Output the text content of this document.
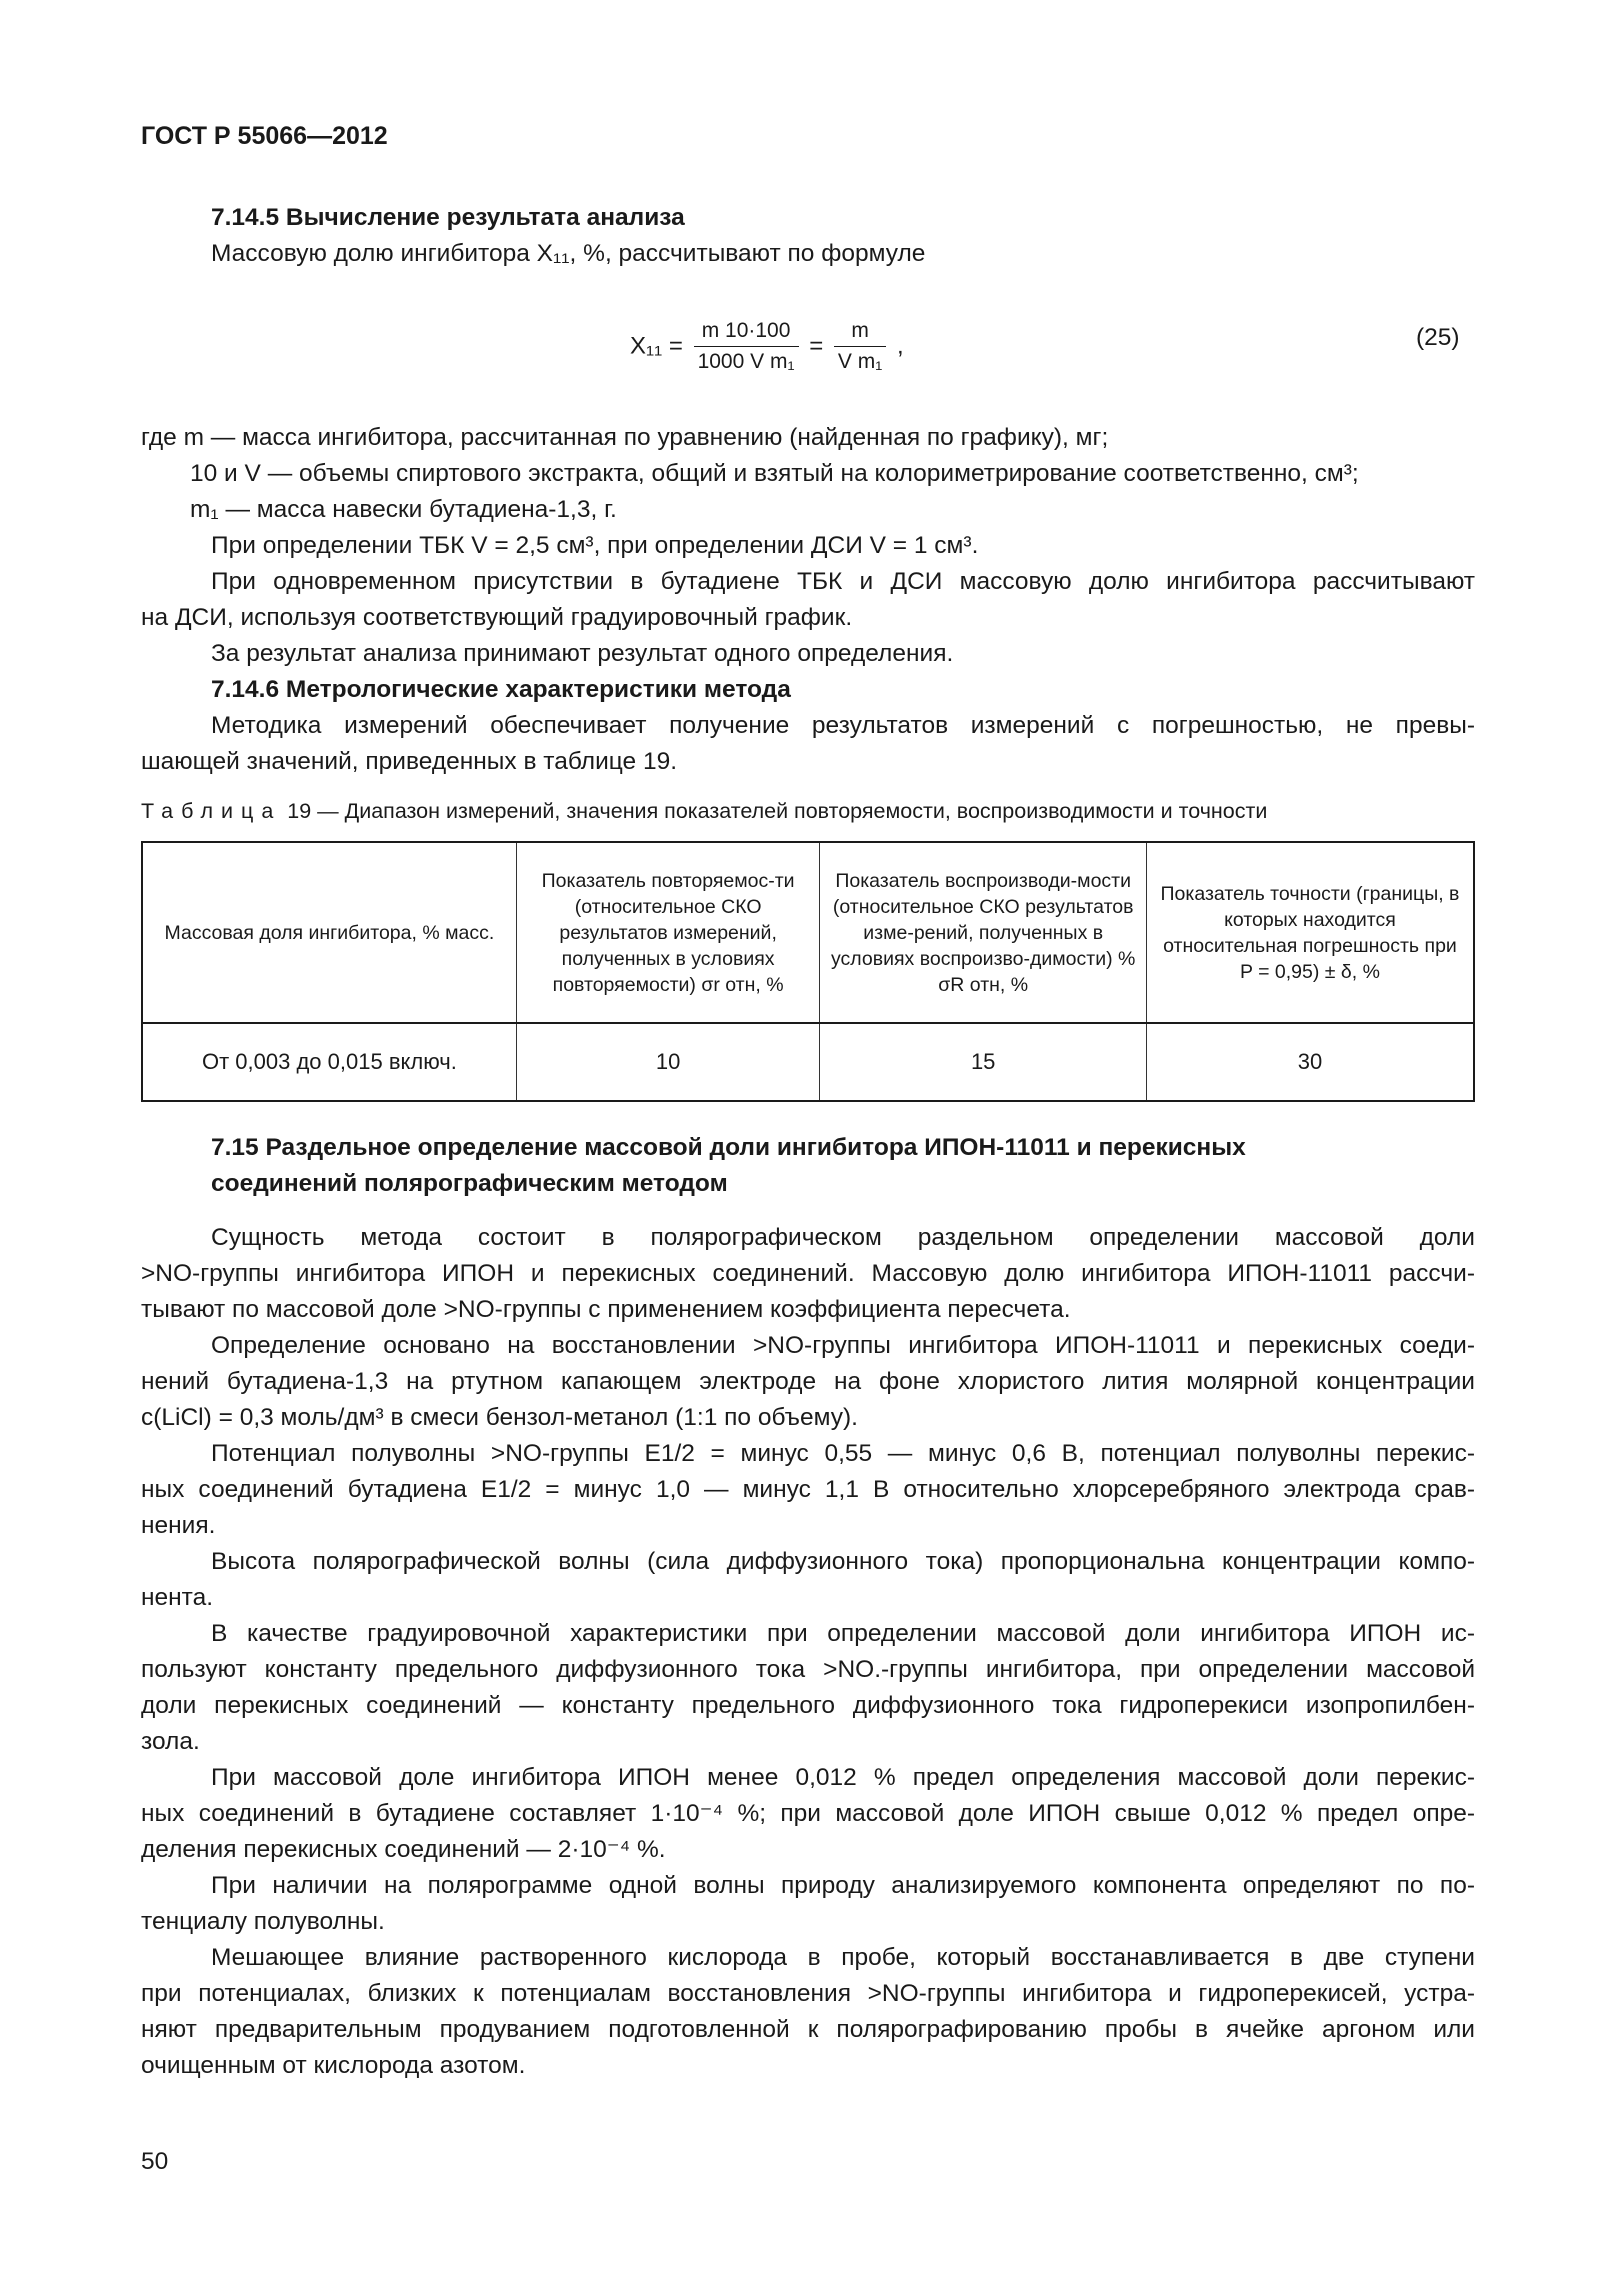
ГОСТ Р 55066—2012
7.14.5 Вычисление результата анализа
Массовую долю ингибитора X₁₁, %, рассчитывают по формуле
$X_{11} = \frac{m 10\cdot 100}{\text{1000 V m₁}} = \frac{m}{\text{V m₁}}$ ,	(25)
где m — масса ингибитора, рассчитанная по уравнению (найденная по графику), мг;
10 и V — объемы спиртового экстракта, общий и взятый на колориметрирование соответственно, см³;
m₁ — масса навески бутадиена-1,3, г.
При определении ТБК V = 2,5 см³, при определении ДСИ V = 1 см³.
При одновременном присутствии в бутадиене ТБК и ДСИ массовую долю ингибитора рассчитывают
на ДСИ, используя соответствующий градуировочный график.
За результат анализа принимают результат одного определения.
7.14.6 Метрологические характеристики метода
Методика измерений обеспечивает получение результатов измерений с погрешностью, не превы-
шающей значений, приведенных в таблице 19.
Таблица 19 — Диапазон измерений, значения показателей повторяемости, воспроизводимости и точности
Массовая доля ингибитора, % масс.	Показатель повторяемос-ти (относительное СКО результатов измерений, полученных в условиях повторяемости) σr отн, %	Показатель воспроизводи-мости (относительное СКО результатов изме-рений, полученных в условиях воспроизво-димости) % σR отн, %	Показатель точности (границы, в которых находится относительная погрешность при P = 0,95) ± δ, %
От 0,003 до 0,015 включ.	10	15	30
7.15 Раздельное определение массовой доли ингибитора ИПОН-11011 и перекисных
соединений полярографическим методом
Сущность метода состоит в полярографическом раздельном определении массовой доли
>NO-группы ингибитора ИПОН и перекисных соединений. Массовую долю ингибитора ИПОН-11011 рассчи-
тывают по массовой доле >NO-группы с применением коэффициента пересчета.
Определение основано на восстановлении >NO-группы ингибитора ИПОН-11011 и перекисных соеди-
нений бутадиена-1,3 на ртутном капающем электроде на фоне хлористого лития молярной концентрации
c(LiCl) = 0,3 моль/дм³ в смеси бензол-метанол (1:1 по объему).
Потенциал полуволны >NO-группы E1/2 = минус 0,55 — минус 0,6 В, потенциал полуволны перекис-
ных соединений бутадиена E1/2 = минус 1,0 — минус 1,1 В относительно хлорсеребряного электрода срав-
нения.
Высота полярографической волны (сила диффузионного тока) пропорциональна концентрации компо-
нента.
В качестве градуировочной характеристики при определении массовой доли ингибитора ИПОН ис-
пользуют константу предельного диффузионного тока >NO.-группы ингибитора, при определении массовой
доли перекисных соединений — константу предельного диффузионного тока гидроперекиси изопропилбен-
зола.
При массовой доле ингибитора ИПОН менее 0,012 % предел определения массовой доли перекис-
ных соединений в бутадиене составляет 1·10⁻⁴ %; при массовой доле ИПОН свыше 0,012 % предел опре-
деления перекисных соединений — 2·10⁻⁴ %.
При наличии на полярограмме одной волны природу анализируемого компонента определяют по по-
тенциалу полуволны.
Мешающее влияние растворенного кислорода в пробе, который восстанавливается в две ступени
при потенциалах, близких к потенциалам восстановления >NO-группы ингибитора и гидроперекисей, устра-
няют предварительным продуванием подготовленной к полярографированию пробы в ячейке аргоном или
очищенным от кислорода азотом.
50
